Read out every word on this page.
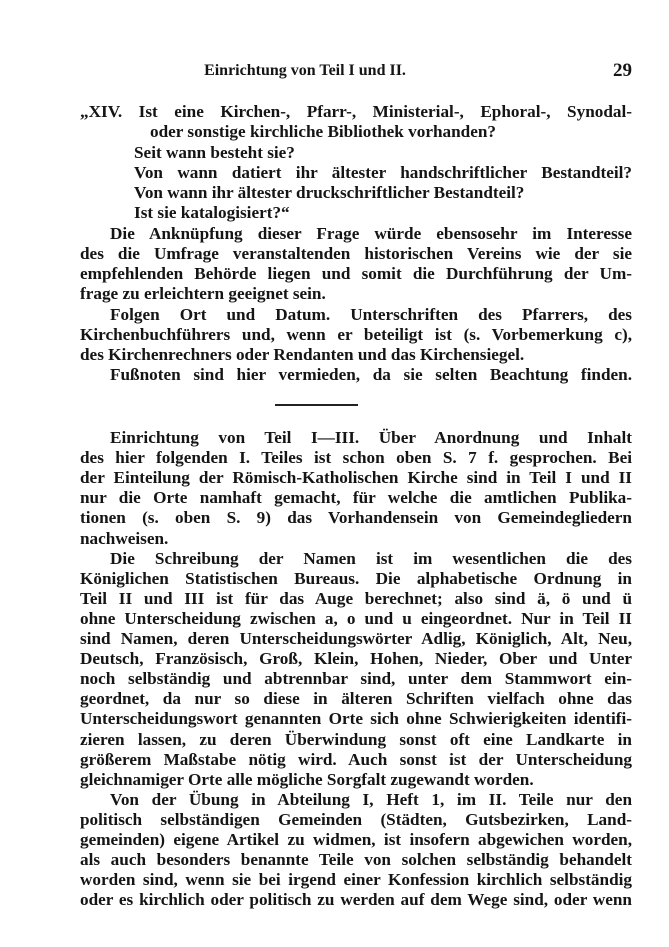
Einrichtung von Teil I und II.	29
„XIV. Ist eine Kirchen-, Pfarr-, Ministerial-, Ephoral-, Synodal-
oder sonstige kirchliche Bibliothek vorhanden?
Seit wann besteht sie?
Von wann datiert ihr ältester handschriftlicher Bestandteil?
Von wann ihr ältester druckschriftlicher Bestandteil?
Ist sie katalogisiert?“
Die Anknüpfung dieser Frage würde ebensosehr im Interesse
des die Umfrage veranstaltenden historischen Vereins wie der sie
empfehlenden Behörde liegen und somit die Durchführung der Um-
frage zu erleichtern geeignet sein.
Folgen Ort und Datum. Unterschriften des Pfarrers, des
Kirchenbuchführers und, wenn er beteiligt ist (s. Vorbemerkung c),
des Kirchenrechners oder Rendanten und das Kirchensiegel.
Fußnoten sind hier vermieden, da sie selten Beachtung finden.
Einrichtung von Teil I—III. Über Anordnung und Inhalt
des hier folgenden I. Teiles ist schon oben S. 7 f. gesprochen. Bei
der Einteilung der Römisch-Katholischen Kirche sind in Teil I und II
nur die Orte namhaft gemacht, für welche die amtlichen Publika-
tionen (s. oben S. 9) das Vorhandensein von Gemeindegliedern
nachweisen.
Die Schreibung der Namen ist im wesentlichen die des
Königlichen Statistischen Bureaus. Die alphabetische Ordnung in
Teil II und III ist für das Auge berechnet; also sind ä, ö und ü
ohne Unterscheidung zwischen a, o und u eingeordnet. Nur in Teil II
sind Namen, deren Unterscheidungswörter Adlig, Königlich, Alt, Neu,
Deutsch, Französisch, Groß, Klein, Hohen, Nieder, Ober und Unter
noch selbständig und abtrennbar sind, unter dem Stammwort ein-
geordnet, da nur so diese in älteren Schriften vielfach ohne das
Unterscheidungswort genannten Orte sich ohne Schwierigkeiten identifi-
zieren lassen, zu deren Überwindung sonst oft eine Landkarte in
größerem Maßstabe nötig wird. Auch sonst ist der Unterscheidung
gleichnamiger Orte alle mögliche Sorgfalt zugewandt worden.
Von der Übung in Abteilung I, Heft 1, im II. Teile nur den
politisch selbständigen Gemeinden (Städten, Gutsbezirken, Land-
gemeinden) eigene Artikel zu widmen, ist insofern abgewichen worden,
als auch besonders benannte Teile von solchen selbständig behandelt
worden sind, wenn sie bei irgend einer Konfession kirchlich selbständig
oder es kirchlich oder politisch zu werden auf dem Wege sind, oder wenn
